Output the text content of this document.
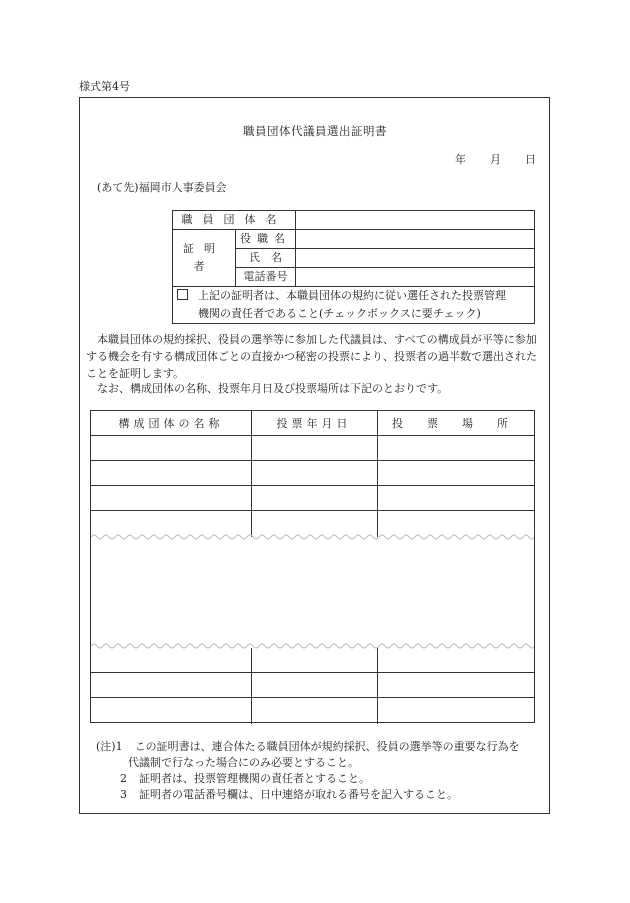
様式第4号
職員団体代議員選出証明書
年 月 日
(あて先)福岡市人事委員会
職員団体名		
証明者	役職名	
	氏　名	
	電話番号	

上記の証明者は、本職員団体の規約に従い選任された投票管理
機関の責任者であること(チェックボックスに要チェック)		
本職員団体の規約採択、役員の選挙等に参加した代議員は、すべての構成員が平等に参加する機会を有する構成団体ごとの直接かつ秘密の投票により、投票者の過半数で選出されたことを証明します。
なお、構成団体の名称、投票年月日及び投票場所は下記のとおりです。
構成団体の名称	投票年月日	投票場所
(注)1 この証明書は、連合体たる職員団体が規約採択、役員の選挙等の重要な行為を
代議制で行なった場合にのみ必要とすること。
2 証明者は、投票管理機関の責任者とすること。
3 証明者の電話番号欄は、日中連絡が取れる番号を記入すること。
